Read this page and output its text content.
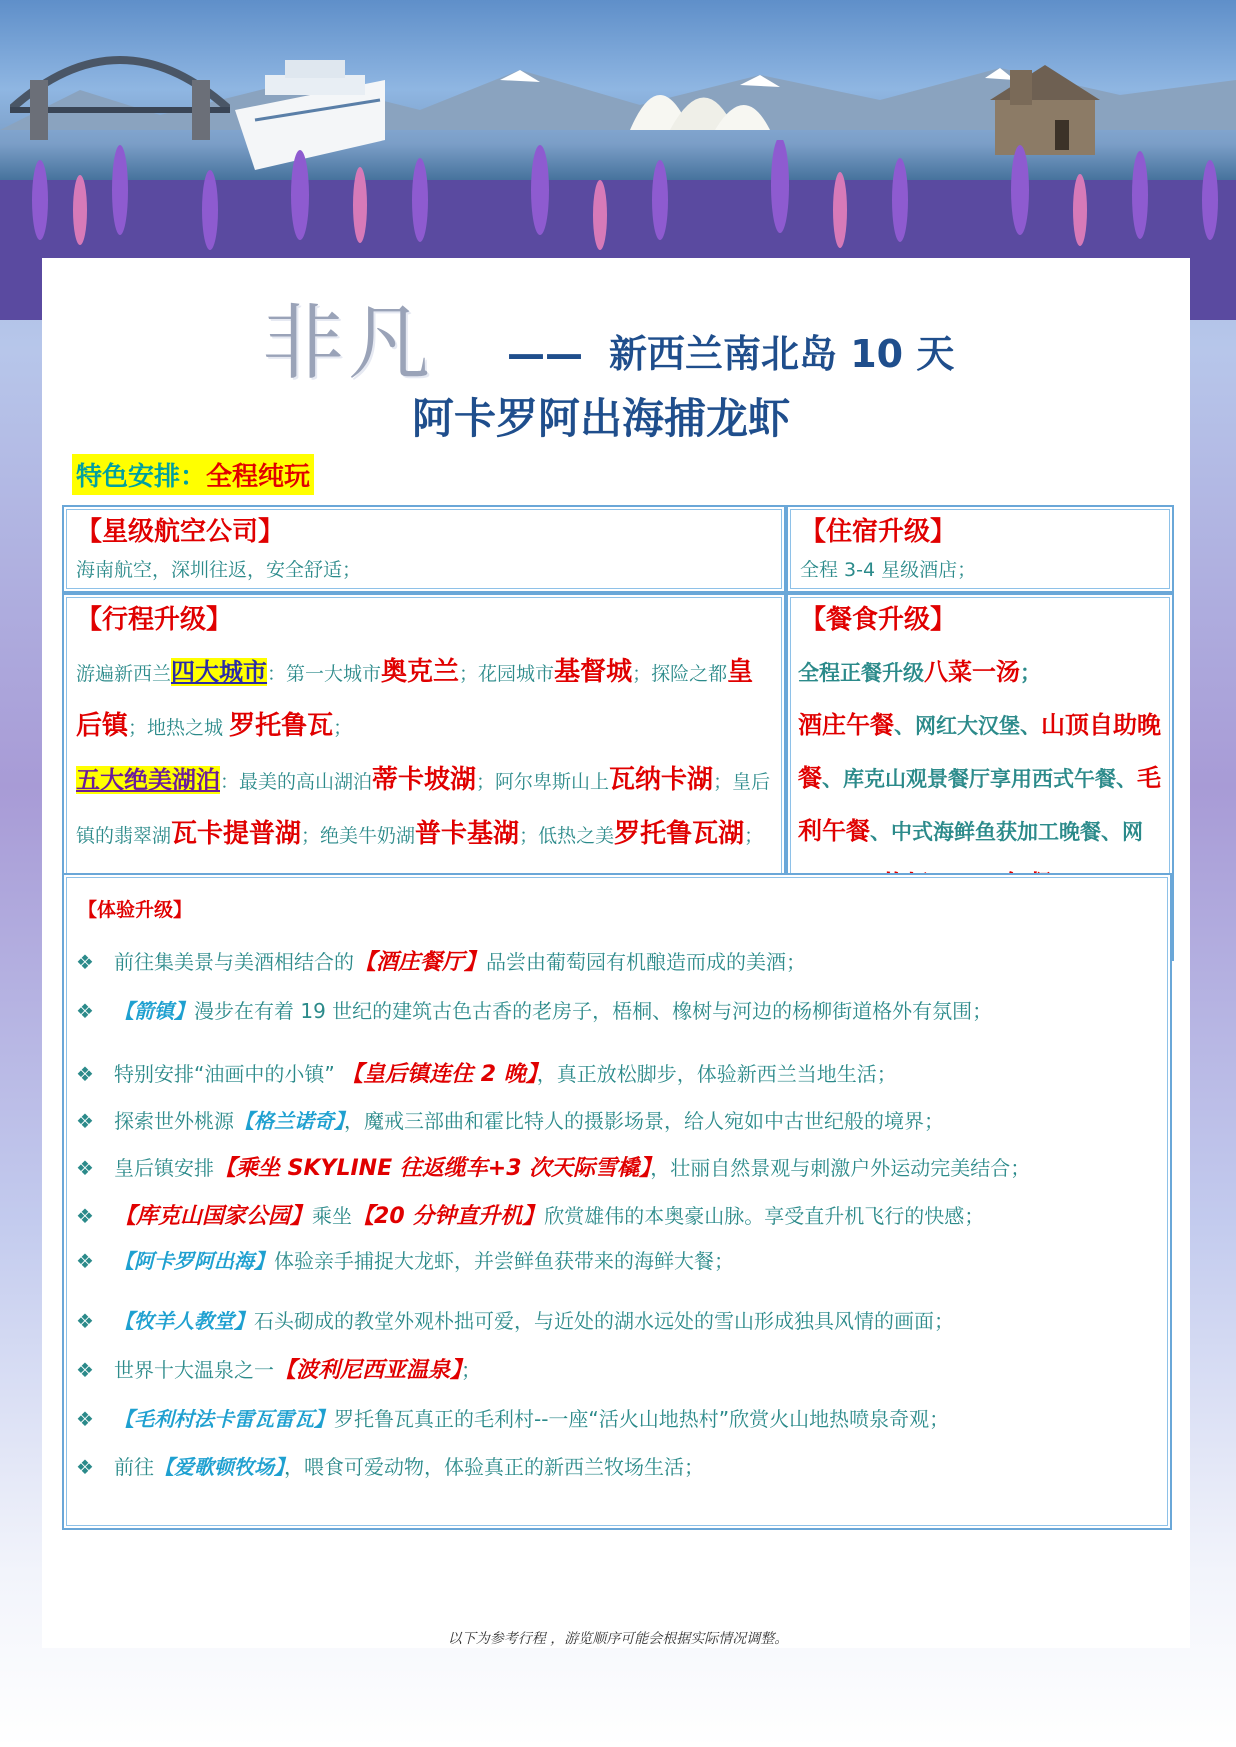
非凡 —— 新西兰南北岛 10 天
阿卡罗阿出海捕龙虾
特色安排：全程纯玩
【星级航空公司】
海南航空，深圳往返，安全舒适；
【住宿升级】
全程 3-4 星级酒店；
【行程升级】
游遍新西兰四大城市：第一大城市奥克兰；花园城市基督城；探险之都皇后镇；地热之城 罗托鲁瓦；
五大绝美湖泊：最美的高山湖泊蒂卡坡湖；阿尔卑斯山上瓦纳卡湖；皇后镇的翡翠湖瓦卡提普湖；绝美牛奶湖普卡基湖；低热之美罗托鲁瓦湖；
【餐食升级】
全程正餐升级八菜一汤；
酒庄午餐、网红大汉堡、山顶自助晚餐、库克山观景餐厅享用西式午餐、毛利午餐、中式海鲜鱼获加工晚餐、网
【体验升级】
❖ 前往集美景与美酒相结合的【酒庄餐厅】品尝由葡萄园有机酿造而成的美酒；
❖ 【箭镇】漫步在有着 19 世纪的建筑古色古香的老房子，梧桐、橡树与河边的杨柳街道格外有氛围；
❖ 特别安排“油画中的小镇” 【皇后镇连住 2 晚】，真正放松脚步，体验新西兰当地生活；
❖ 探索世外桃源【格兰诺奇】，魔戒三部曲和霍比特人的摄影场景，给人宛如中古世纪般的境界；
❖ 皇后镇安排【乘坐 SKYLINE 往返缆车+3 次天际雪橇】，壮丽自然景观与刺激户外运动完美结合；
❖ 【库克山国家公园】乘坐【20 分钟直升机】欣赏雄伟的本奥豪山脉。享受直升机飞行的快感；
❖ 【阿卡罗阿出海】体验亲手捕捉大龙虾，并尝鲜鱼获带来的海鲜大餐；
❖ 【牧羊人教堂】石头砌成的教堂外观朴拙可爱，与近处的湖水远处的雪山形成独具风情的画面；
❖ 世界十大温泉之一【波利尼西亚温泉】；
❖ 【毛利村法卡雷瓦雷瓦】罗托鲁瓦真正的毛利村--一座“活火山地热村”欣赏火山地热喷泉奇观；
❖ 前往【爱歌顿牧场】，喂食可爱动物，体验真正的新西兰牧场生活；
以下为参考行程 ，游览顺序可能会根据实际情况调整。
